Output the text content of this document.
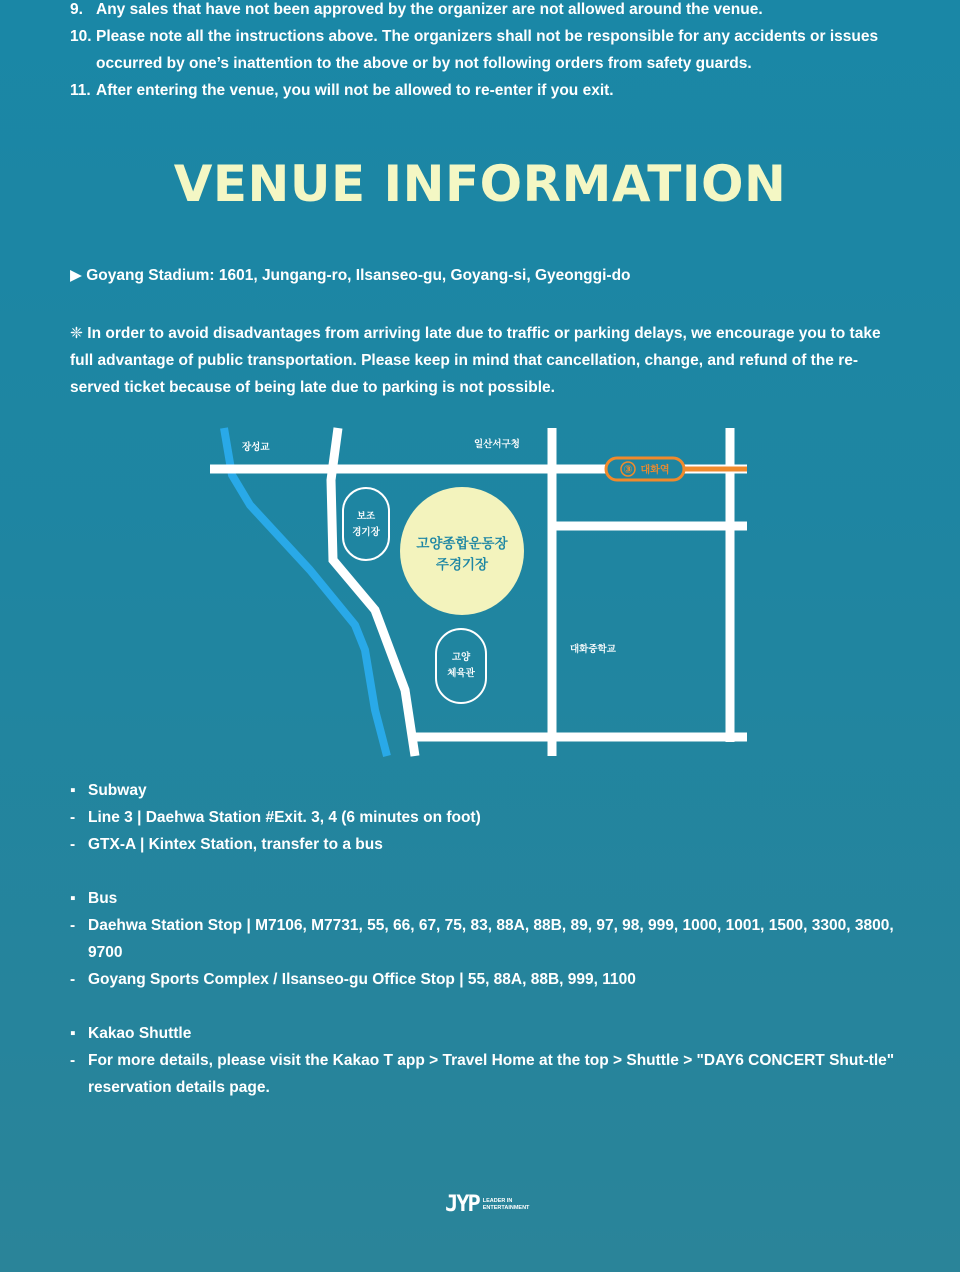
9. Any sales that have not been approved by the organizer are not allowed around the venue.
10. Please note all the instructions above. The organizers shall not be responsible for any accidents or issues occurred by one’s inattention to the above or by not following orders from safety guards.
11. After entering the venue, you will not be allowed to re-enter if you exit.
VENUE INFORMATION
▶ Goyang Stadium: 1601, Jungang-ro, Ilsanseo-gu, Goyang-si, Gyeonggi-do
❈ In order to avoid disadvantages from arriving late due to traffic or parking delays, we encourage you to take full advantage of public transportation. Please keep in mind that cancellation, change, and refund of the re-served ticket because of being late due to parking is not possible.
③ 대화역
보조
경기장
고양종합운동장
주경기장
고양
체육관
장성교	일산서구청
대화중학교
▪ Subway
- Line 3 | Daehwa Station #Exit. 3, 4 (6 minutes on foot)
- GTX-A | Kintex Station, transfer to a bus
▪ Bus
- Daehwa Station Stop | M7106, M7731, 55, 66, 67, 75, 83, 88A, 88B, 89, 97, 98, 999, 1000, 1001, 1500, 3300, 3800, 9700
- Goyang Sports Complex / Ilsanseo-gu Office Stop | 55, 88A, 88B, 999, 1100
▪ Kakao Shuttle
- For more details, please visit the Kakao T app > Travel Home at the top > Shuttle > "DAY6 CONCERT Shut-tle" reservation details page.
JYP LEADER IN
ENTERTAINMENT
